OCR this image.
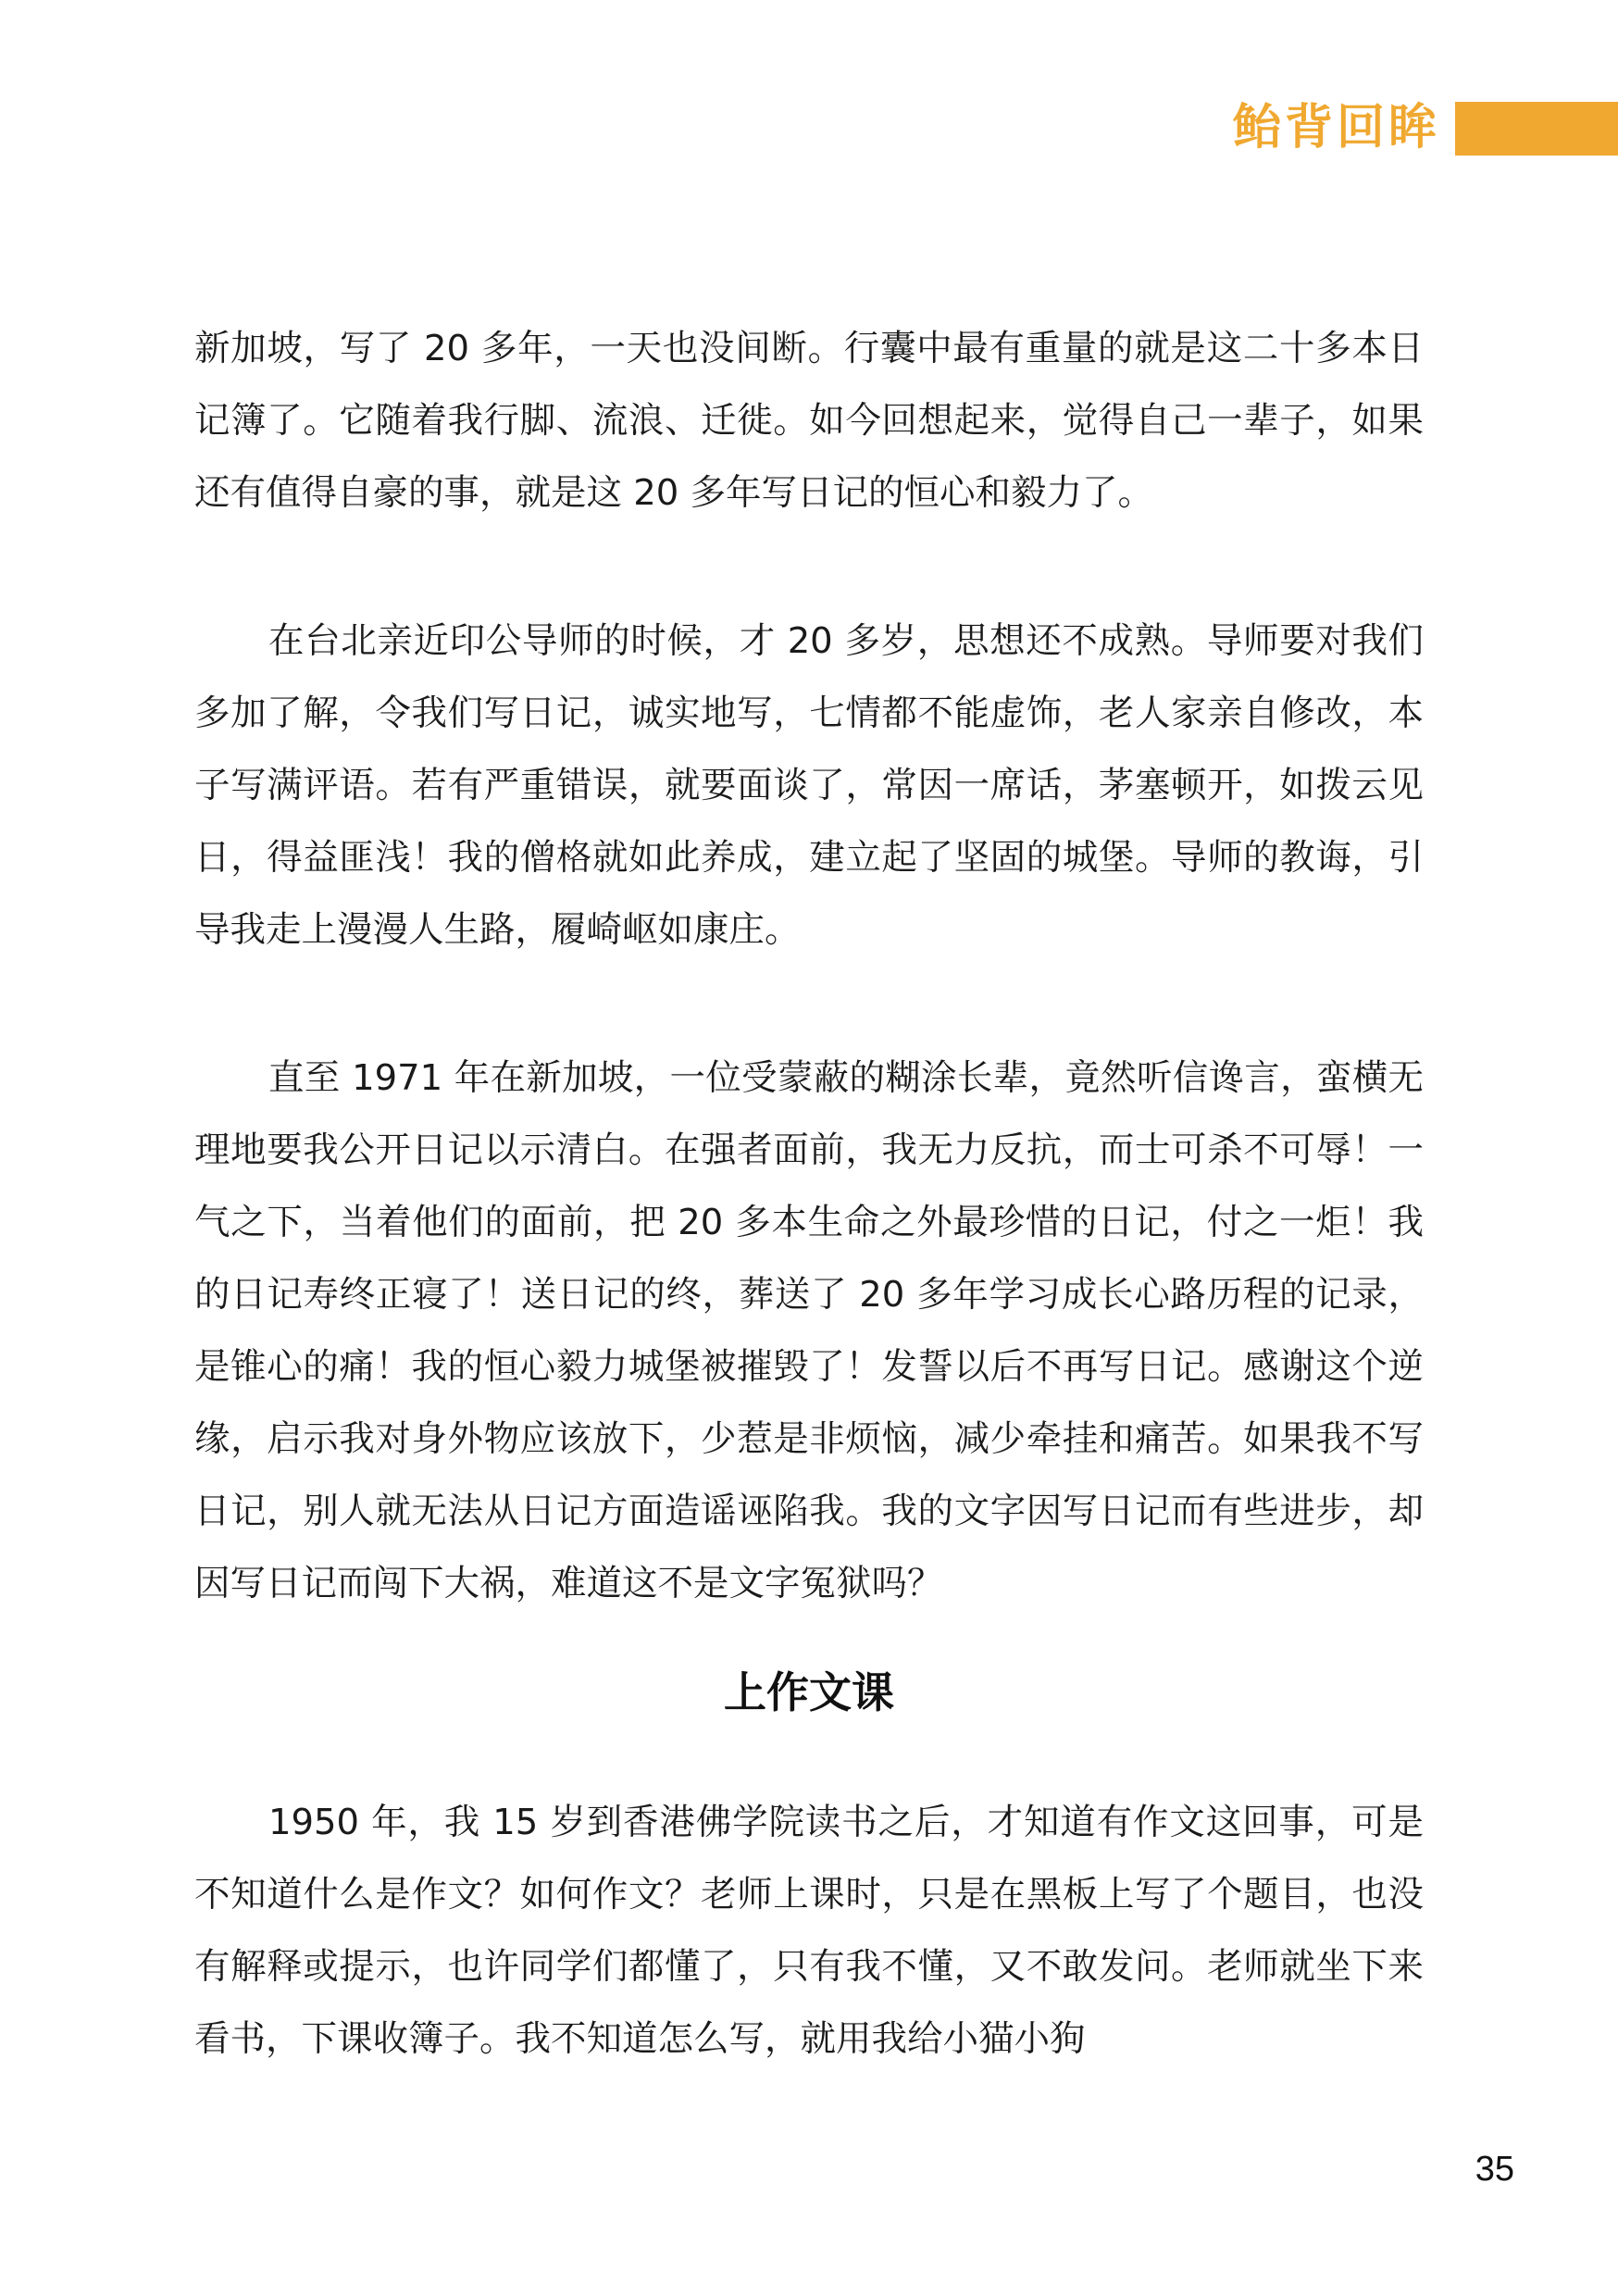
鲐背回眸

新加坡，写了 20 多年，一天也没间断。行囊中最有重量的就是这二十多本日记簿了。它随着我行脚、流浪、迁徙。如今回想起来，觉得自己一辈子，如果还有值得自豪的事，就是这 20 多年写日记的恒心和毅力了。

在台北亲近印公导师的时候，才 20 多岁，思想还不成熟。导师要对我们多加了解，令我们写日记，诚实地写，七情都不能虚饰，老人家亲自修改，本子写满评语。若有严重错误，就要面谈了，常因一席话，茅塞顿开，如拨云见日，得益匪浅！我的僧格就如此养成，建立起了坚固的城堡。导师的教诲，引导我走上漫漫人生路，履崎岖如康庄。

直至 1971 年在新加坡，一位受蒙蔽的糊涂长辈，竟然听信谗言，蛮横无理地要我公开日记以示清白。在强者面前，我无力反抗，而士可杀不可辱！一气之下，当着他们的面前，把 20 多本生命之外最珍惜的日记，付之一炬！我的日记寿终正寝了！送日记的终，葬送了 20 多年学习成长心路历程的记录，是锥心的痛！我的恒心毅力城堡被摧毁了！发誓以后不再写日记。感谢这个逆缘，启示我对身外物应该放下，少惹是非烦恼，减少牵挂和痛苦。如果我不写日记，别人就无法从日记方面造谣诬陷我。我的文字因写日记而有些进步，却因写日记而闯下大祸，难道这不是文字冤狱吗？

上作文课

1950 年，我 15 岁到香港佛学院读书之后，才知道有作文这回事，可是不知道什么是作文？如何作文？老师上课时，只是在黑板上写了个题目，也没有解释或提示，也许同学们都懂了，只有我不懂，又不敢发问。老师就坐下来看书，下课收簿子。我不知道怎么写，就用我给小猫小狗

35
